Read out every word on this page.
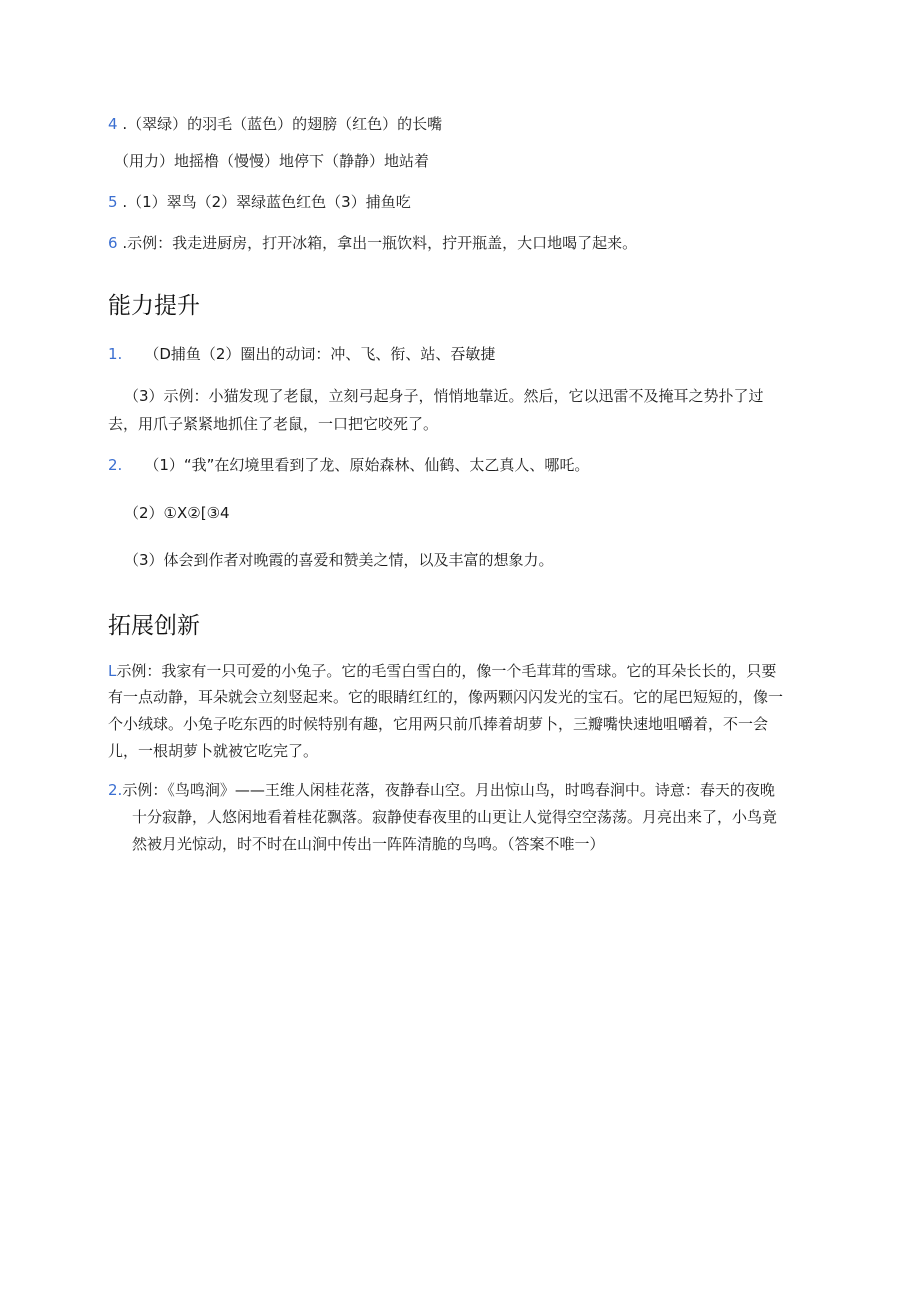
4 .（翠绿）的羽毛（蓝色）的翅膀（红色）的长嘴
（用力）地摇橹（慢慢）地停下（静静）地站着
5 .（1）翠鸟（2）翠绿蓝色红色（3）捕鱼吃
6 .示例：我走进厨房，打开冰箱，拿出一瓶饮料，拧开瓶盖，大口地喝了起来。
能力提升
1. （D捕鱼（2）圈出的动词：冲、飞、衔、站、吞敏捷
（3）示例：小猫发现了老鼠，立刻弓起身子，悄悄地靠近。然后，它以迅雷不及掩耳之势扑了过
去，用爪子紧紧地抓住了老鼠，一口把它咬死了。
2. （1）“我”在幻境里看到了龙、原始森林、仙鹤、太乙真人、哪吒。
（2）①X②[③4
（3）体会到作者对晚霞的喜爱和赞美之情，以及丰富的想象力。
拓展创新
L示例：我家有一只可爱的小兔子。它的毛雪白雪白的，像一个毛茸茸的雪球。它的耳朵长长的，只要
有一点动静，耳朵就会立刻竖起来。它的眼睛红红的，像两颗闪闪发光的宝石。它的尾巴短短的，像一
个小绒球。小兔子吃东西的时候特别有趣，它用两只前爪捧着胡萝卜，三瓣嘴快速地咀嚼着，不一会
儿，一根胡萝卜就被它吃完了。
2.示例：《鸟鸣涧》——王维人闲桂花落，夜静春山空。月出惊山鸟，时鸣春涧中。诗意：春天的夜晚
十分寂静，人悠闲地看着桂花飘落。寂静使春夜里的山更让人觉得空空荡荡。月亮出来了，小鸟竟
然被月光惊动，时不时在山涧中传出一阵阵清脆的鸟鸣。（答案不唯一）
